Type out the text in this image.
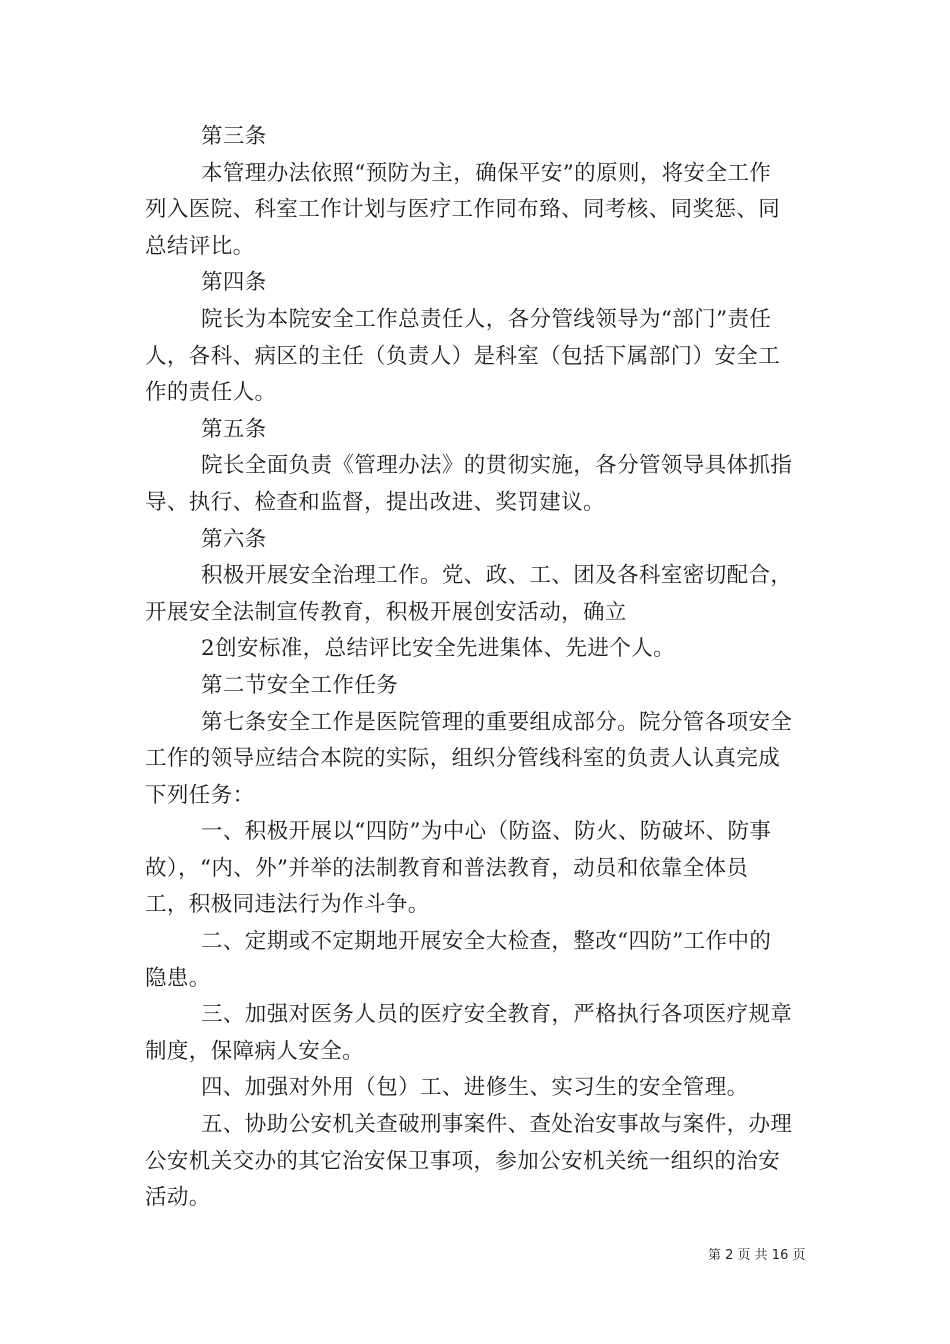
第三条
本管理办法依照“预防为主，确保平安”的原则，将安全工作
列入医院、科室工作计划与医疗工作同布臵、同考核、同奖惩、同
总结评比。
第四条
院长为本院安全工作总责任人，各分管线领导为“部门”责任
人，各科、病区的主任（负责人）是科室（包括下属部门）安全工
作的责任人。
第五条
院长全面负责《管理办法》的贯彻实施，各分管领导具体抓指
导、执行、检查和监督，提出改进、奖罚建议。
第六条
积极开展安全治理工作。党、政、工、团及各科室密切配合，
开展安全法制宣传教育，积极开展创安活动，确立
2创安标准，总结评比安全先进集体、先进个人。
第二节安全工作任务
第七条安全工作是医院管理的重要组成部分。院分管各项安全
工作的领导应结合本院的实际，组织分管线科室的负责人认真完成
下列任务：
一、积极开展以“四防”为中心（防盗、防火、防破坏、防事
故），“内、外”并举的法制教育和普法教育，动员和依靠全体员
工，积极同违法行为作斗争。
二、定期或不定期地开展安全大检查，整改“四防”工作中的
隐患。
三、加强对医务人员的医疗安全教育，严格执行各项医疗规章
制度，保障病人安全。
四、加强对外用（包）工、进修生、实习生的安全管理。
五、协助公安机关查破刑事案件、查处治安事故与案件，办理
公安机关交办的其它治安保卫事项，参加公安机关统一组织的治安
活动。
第 2 页 共 16 页
